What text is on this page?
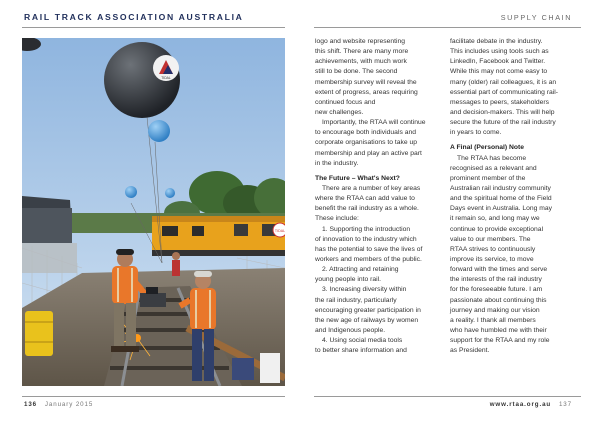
RAIL TRACK ASSOCIATION AUSTRALIA	SUPPLY CHAIN
TIDAL
TIDAL
logo and website representing
this shift. There are many more
achievements, with much work
still to be done. The second
membership survey will reveal the
extent of progress, areas requiring
continued focus and
new challenges.
Importantly, the RTAA will continue
to encourage both individuals and
corporate organisations to take up
membership and play an active part
in the industry.
The Future – What's Next?
There are a number of key areas
where the RTAA can add value to
benefit the rail industry as a whole.
These include:
1. Supporting the introduction
of innovation to the industry which
has the potential to save the lives of
workers and members of the public.
2. Attracting and retaining
young people into rail.
3. Increasing diversity within
the rail industry, particularly
encouraging greater participation in
the new age of railways by women
and Indigenous people.
4. Using social media tools
to better share information and
facilitate debate in the industry.
This includes using tools such as
LinkedIn, Facebook and Twitter.
While this may not come easy to
many (older) rail colleagues, it is an
essential part of communicating rail-
messages to peers, stakeholders
and decision-makers. This will help
secure the future of the rail industry
in years to come.
A Final (Personal) Note
The RTAA has become
recognised as a relevant and
prominent member of the
Australian rail industry community
and the spiritual home of the Field
Days event in Australia. Long may
it remain so, and long may we
continue to provide exceptional
value to our members. The
RTAA strives to continuously
improve its service, to move
forward with the times and serve
the interests of the rail industry
for the foreseeable future. I am
passionate about continuing this
journey and making our vision
a reality. I thank all members
who have humbled me with their
support for the RTAA and my role
as President.
136 January 2015	www.rtaa.org.au 137
